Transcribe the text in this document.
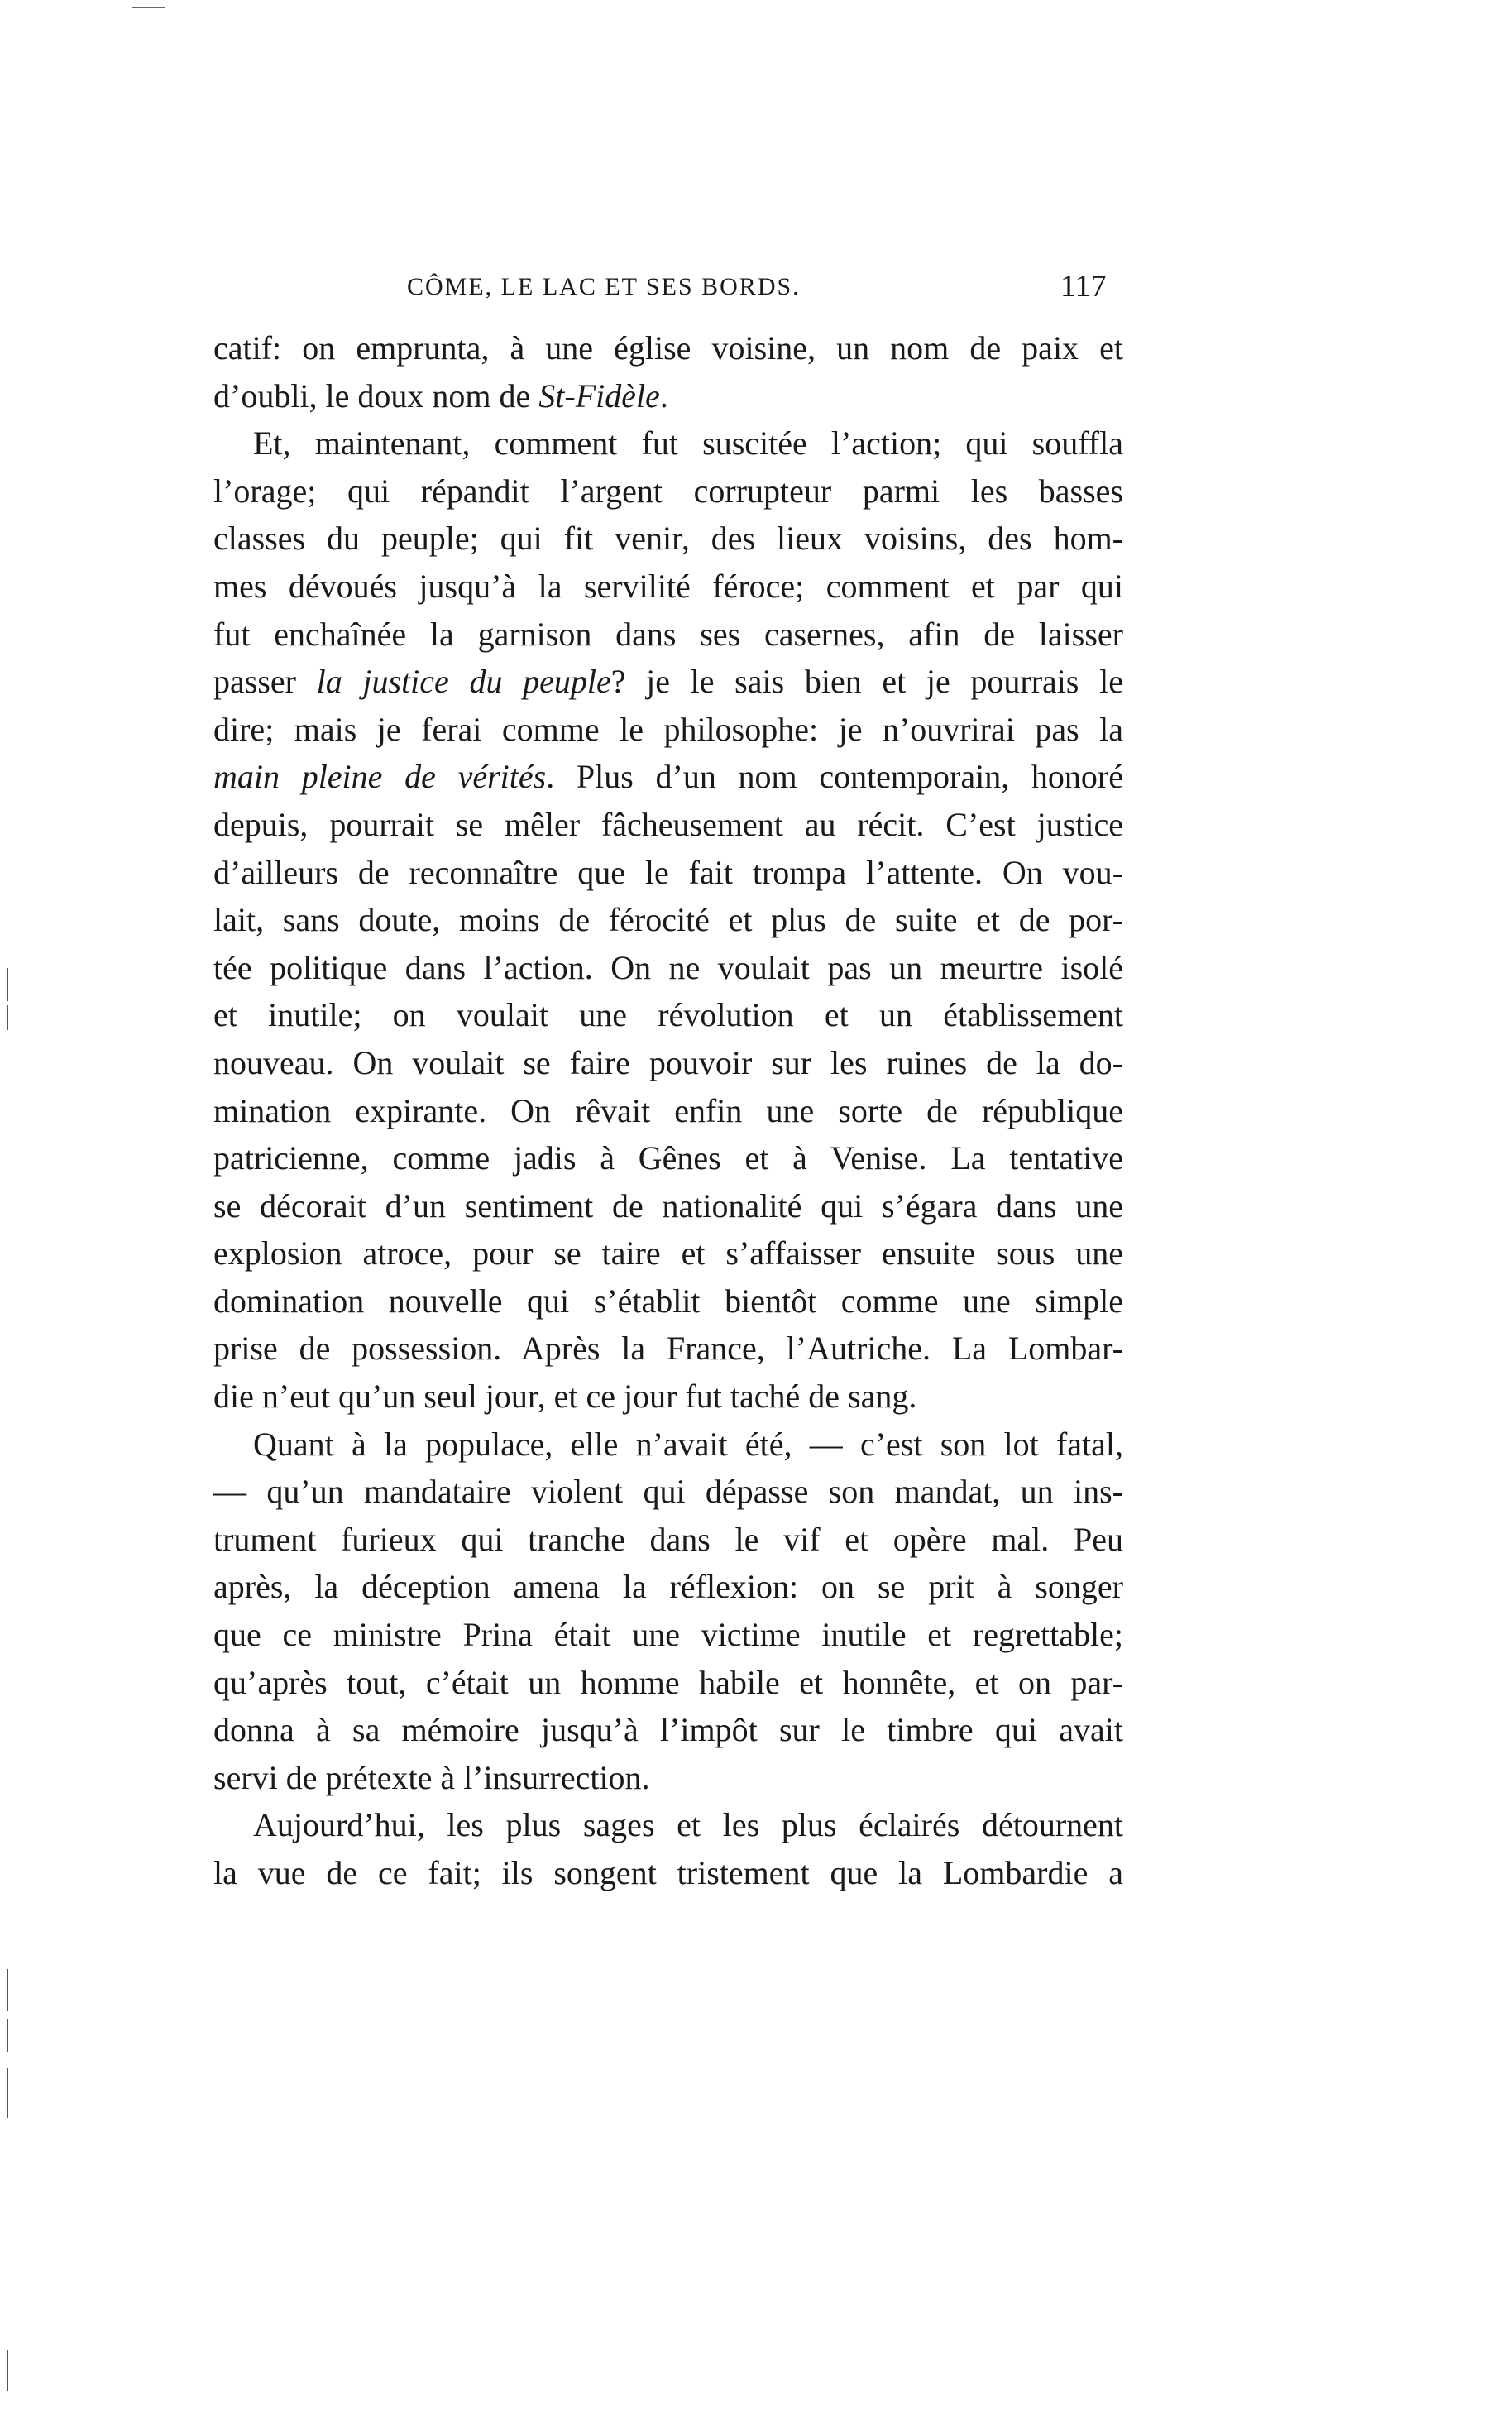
CÔME, LE LAC ET SES BORDS.	117
catif: on emprunta, à une église voisine, un nom de paix et
d’oubli, le doux nom de St-Fidèle.
Et, maintenant, comment fut suscitée l’action; qui souffla
l’orage; qui répandit l’argent corrupteur parmi les basses
classes du peuple; qui fit venir, des lieux voisins, des hom-
mes dévoués jusqu’à la servilité féroce; comment et par qui
fut enchaînée la garnison dans ses casernes, afin de laisser
passer la justice du peuple? je le sais bien et je pourrais le
dire; mais je ferai comme le philosophe: je n’ouvrirai pas la
main pleine de vérités. Plus d’un nom contemporain, honoré
depuis, pourrait se mêler fâcheusement au récit. C’est justice
d’ailleurs de reconnaître que le fait trompa l’attente. On vou-
lait, sans doute, moins de férocité et plus de suite et de por-
tée politique dans l’action. On ne voulait pas un meurtre isolé
et inutile; on voulait une révolution et un établissement
nouveau. On voulait se faire pouvoir sur les ruines de la do-
mination expirante. On rêvait enfin une sorte de république
patricienne, comme jadis à Gênes et à Venise. La tentative
se décorait d’un sentiment de nationalité qui s’égara dans une
explosion atroce, pour se taire et s’affaisser ensuite sous une
domination nouvelle qui s’établit bientôt comme une simple
prise de possession. Après la France, l’Autriche. La Lombar-
die n’eut qu’un seul jour, et ce jour fut taché de sang.
Quant à la populace, elle n’avait été, — c’est son lot fatal,
— qu’un mandataire violent qui dépasse son mandat, un ins-
trument furieux qui tranche dans le vif et opère mal. Peu
après, la déception amena la réflexion: on se prit à songer
que ce ministre Prina était une victime inutile et regrettable;
qu’après tout, c’était un homme habile et honnête, et on par-
donna à sa mémoire jusqu’à l’impôt sur le timbre qui avait
servi de prétexte à l’insurrection.
Aujourd’hui, les plus sages et les plus éclairés détournent
la vue de ce fait; ils songent tristement que la Lombardie a
